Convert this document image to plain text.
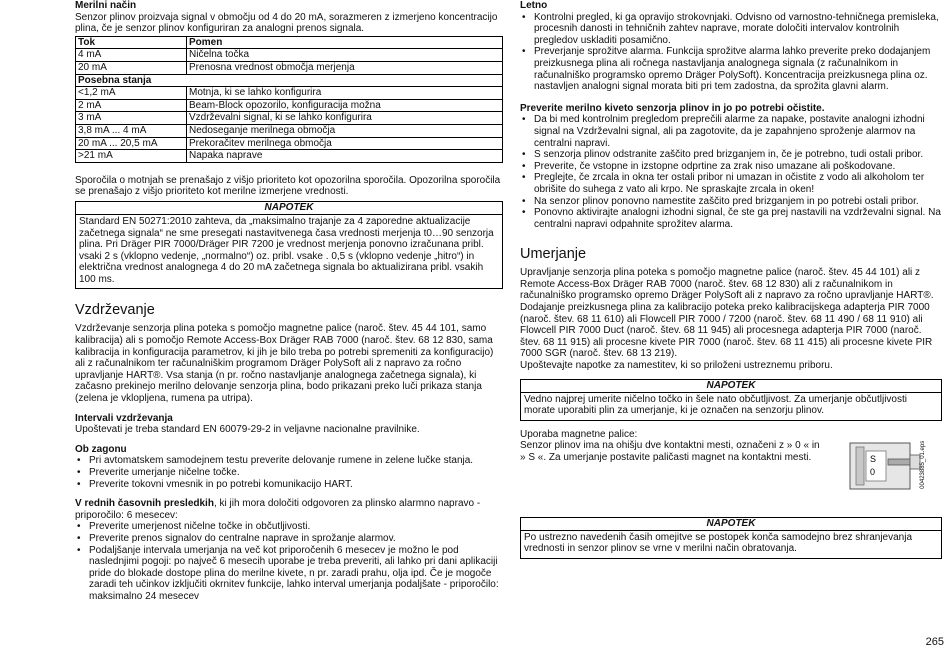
Merilni način

Senzor plinov proizvaja signal v območju od 4 do 20 mA, sorazmeren z izmerjeno koncentracijo plina, če je senzor plinov konfiguriran za analogni prenos signala.

Tok	Pomen
4 mA	Ničelna točka
20 mA	Prenosna vrednost območja merjenja
Posebna stanja	
<1,2 mA	Motnja, ki se lahko konfigurira
2 mA	Beam-Block opozorilo, konfiguracija možna
3 mA	Vzdrževalni signal, ki se lahko konfigurira
3,8 mA ... 4 mA	Nedoseganje merilnega območja
20 mA ... 20,5 mA	Prekoračitev merilnega območja
>21 mA	Napaka naprave

Sporočila o motnjah se prenašajo z višjo prioriteto kot opozorilna sporočila. Opozorilna sporočila se prenašajo z višjo prioriteto kot merilne izmerjene vrednosti.

NAPOTEK
Standard EN 50271:2010 zahteva, da „maksimalno trajanje za 4 zaporedne aktualizacije začetnega signala“ ne sme presegati nastavitvenega časa vrednosti merjenja t0…90 senzorja plina. Pri Dräger PIR 7000/Dräger PIR 7200 je vrednost merjenja ponovno izračunana pribl. vsaki 2 s (vklopno vedenje, „normalno“) oz. pribl. vsake . 0,5 s (vklopno vedenje „hitro“) in električna vrednost analognega 4 do 20 mA začetnega signala bo aktualizirana pribl. vsakih 100 ms.

Vzdrževanje

Vzdrževanje senzorja plina poteka s pomočjo magnetne palice (naroč. štev. 45 44 101, samo kalibracija) ali s pomočjo Remote Access-Box Dräger RAB 7000 (naroč. štev. 68 12 830, sama kalibracija in konfiguracija parametrov, ki jih je bilo treba po potrebi spremeniti za konfiguracijo) ali z računalnikom ter računalniškim programom Dräger PolySoft ali z napravo za ročno upravljanje HART®. Vsa stanja (n pr. ročno nastavljanje analognega začetnega signala), ki začasno prekinejo merilno delovanje senzorja plina, bodo prikazani preko luči prikaza stanja (zelena je vklopljena, rumena pa utripa).

Intervali vzdrževanja

Upoštevati je treba standard EN 60079-29-2 in veljavne nacionalne pravilnike.

Ob zagonu

• Pri avtomatskem samodejnem testu preverite delovanje rumene in zelene lučke stanja.
• Preverite umerjanje ničelne točke.
• Preverite tokovni vmesnik in po potrebi komunikacijo HART.

V rednih časovnih presledkih, ki jih mora določiti odgovoren za plinsko alarmno napravo - priporočilo: 6 mesecev:

• Preverite umerjenost ničelne točke in občutljivosti.
• Preverite prenos signalov do centralne naprave in sprožanje alarmov.
• Podaljšanje intervala umerjanja na več kot priporočenih 6 mesecev je možno le pod naslednjimi pogoji: po največ 6 mesecih uporabe je treba preveriti, ali lahko pri dani aplikaciji pride do blokade dostope plina do merilne kivete, n pr. zaradi prahu, olja ipd. Če je mogoče zaradi teh učinkov izključiti okrnitev funkcije, lahko interval umerjanja podaljšate - priporočilo: maksimalno 24 mesecev

Letno

• Kontrolni pregled, ki ga opravijo strokovnjaki. Odvisno od varnostno-tehničnega premisleka, procesnih danosti in tehničnih zahtev naprave, morate določiti intervalov kontrolnih pregledov uskladiti posamično.
• Preverjanje sprožitve alarma. Funkcija sprožitve alarma lahko preverite preko dodajanjem preizkusnega plina ali ročnega nastavljanja analognega signala (z računalnikom in računalniško programsko opremo Dräger PolySoft). Koncentracija preizkusnega plina oz. nastavljen analogni signal morata biti pri tem zadostna, da sprožita glavni alarm.

Preverite merilno kiveto senzorja plinov in jo po potrebi očistite.

• Da bi med kontrolnim pregledom preprečili alarme za napake, postavite analogni izhodni signal na Vzdrževalni signal, ali pa zagotovite, da je zapahnjeno sproženje alarmov na centralni napravi.
• S senzorja plinov odstranite zaščito pred brizganjem in, če je potrebno, tudi ostali pribor.
• Preverite, če vstopne in izstopne odprtine za zrak niso umazane ali poškodovane.
• Preglejte, če zrcala in okna ter ostali pribor ni umazan in očistite z vodo ali alkoholom ter obrišite do suhega z vato ali krpo. Ne spraskajte zrcala in oken!
• Na senzor plinov ponovno namestite zaščito pred brizganjem in po potrebi ostali pribor.
• Ponovno aktivirajte analogni izhodni signal, če ste ga prej nastavili na vzdrževalni signal. Na centralni napravi odpahnite sprožitev alarma.

Umerjanje

Upravljanje senzorja plina poteka s pomočjo magnetne palice (naroč. štev. 45 44 101) ali z Remote Access-Box Dräger RAB 7000 (naroč. štev. 68 12 830) ali z računalnikom in računalniško programsko opremo Dräger PolySoft ali z napravo za ročno upravljanje HART®. Dodajanje preizkusnega plina za kalibracijo poteka preko kalibracijskega adapterja PIR 7000 (naroč. štev. 68 11 610) ali Flowcell PIR 7000 / 7200 (naroč. štev. 68 11 490 / 68 11 910) ali Flowcell PIR 7000 Duct (naroč. štev. 68 11 945) ali procesnega adapterja PIR 7000 (naroč. štev. 68 11 915) ali procesne kivete PIR 7000 (naroč. štev. 68 11 415) ali procesne kivete PIR 7000 SGR (naroč. štev. 68 13 219).

Upoštevajte napotke za namestitev, ki so priloženi ustreznemu priboru.

NAPOTEK
Vedno najprej umerite ničelno točko in šele nato občutljivost. Za umerjanje občutljivosti morate uporabiti plin za umerjanje, ki je označen na senzorju plinov.

Uporaba magnetne palice:

Senzor plinov ima na ohišju dve kontaktni mesti, označeni z » 0 « in » S «. Za umerjanje postavite paličasti magnet na kontaktni mesti.

NAPOTEK
Po ustrezno navedenih časih omejitve se postopek konča samodejno brez shranjevanja vrednosti in senzor plinov se vrne v merilni način obratovanja.
S
0	00423885_01.eps
265
